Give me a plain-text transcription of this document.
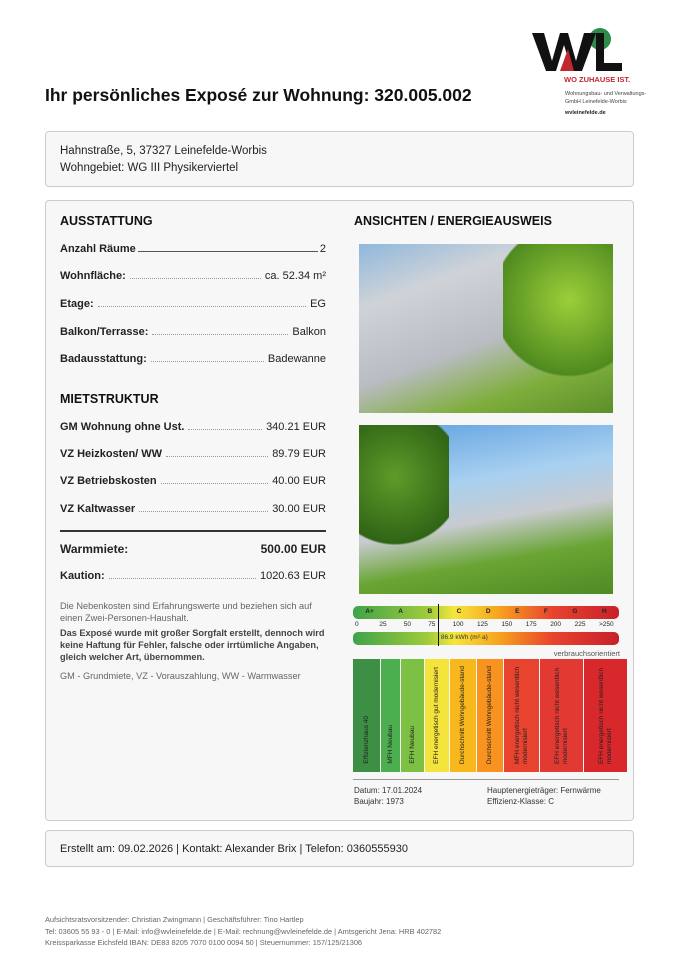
Ihr persönliches Exposé zur Wohnung: 320.005.002
WO ZUHAUSE IST.
Wohnungsbau- und Verwaltungs-
GmbH Leinefelde-Worbis
wvleinefelde.de
Hahnstraße, 5, 37327 Leinefelde-Worbis
Wohngebiet: WG III Physikerviertel
AUSSTATTUNG
Anzahl Räume	2
Wohnfläche:	ca. 52.34 m²
Etage:	EG
Balkon/Terrasse:	Balkon
Badausstattung:	Badewanne
MIETSTRUKTUR
GM Wohnung ohne Ust.	340.21 EUR
VZ Heizkosten/ WW	89.79 EUR
VZ Betriebskosten	40.00 EUR
VZ Kaltwasser	30.00 EUR
Warmmiete:	500.00 EUR
Kaution:	1020.63 EUR
Die Nebenkosten sind Erfahrungswerte und beziehen sich auf einen Zwei-Personen-Haushalt.
Das Exposé wurde mit großer Sorgfalt erstellt, dennoch wird keine Haftung für Fehler, falsche oder irrtümliche Angaben, gleich welcher Art, übernommen.
GM - Grundmiete, VZ - Vorauszahlung, WW - Warmwasser
ANSICHTEN / ENERGIEAUSWEIS
A+	A	B	C	D	E	F	G	H
0	25	50	75	100 125 150 175 200 225 >250
86.9 kWh (m²·a)
verbrauchsorientiert
Effizienzhaus 40	MFH Neubau EFH Neubau	EFH energetisch gut modernisiert	Durchschnitt Wohngebäude-stand	Durchschnitt Wohngebäude-stand	MFH energetisch nicht wesentlich modernisiert	EFH energetisch nicht wesentlich modernisiert	EFH energetisch nicht wesentlich modernisiert
Datum: 17.01.2024
Baujahr: 1973
Hauptenergieträger: Fernwärme
Effizienz-Klasse: C
Erstellt am: 09.02.2026 | Kontakt: Alexander Brix | Telefon: 0360555930
Aufsichtsratsvorsitzender: Christian Zwingmann | Geschäftsführer: Tino Hartlep
Tel: 03605 55 93 - 0 | E-Mail: info@wvleinefelde.de | E-Mail: rechnung@wvleinefelde.de | Amtsgericht Jena: HRB 402782
Kreissparkasse Eichsfeld IBAN: DE83 8205 7070 0100 0094 50 | Steuernummer: 157/125/21306
